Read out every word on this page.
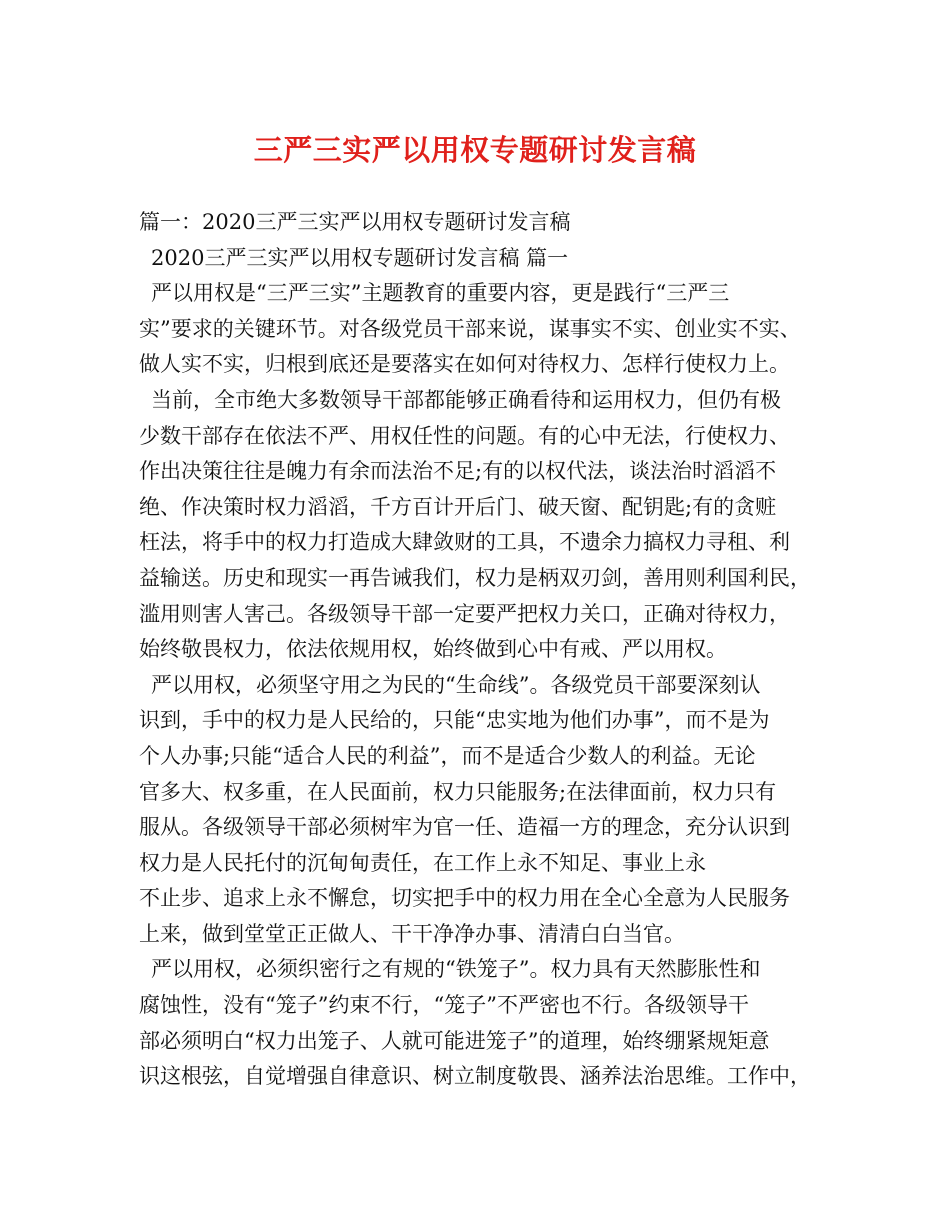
三严三实严以用权专题研讨发言稿
篇一：2020三严三实严以用权专题研讨发言稿
2020三严三实严以用权专题研讨发言稿 篇一
严以用权是“三严三实”主题教育的重要内容，更是践行“三严三
实”要求的关键环节。对各级党员干部来说，谋事实不实、创业实不实、
做人实不实，归根到底还是要落实在如何对待权力、怎样行使权力上。
当前，全市绝大多数领导干部都能够正确看待和运用权力，但仍有极
少数干部存在依法不严、用权任性的问题。有的心中无法，行使权力、
作出决策往往是魄力有余而法治不足;有的以权代法，谈法治时滔滔不
绝、作决策时权力滔滔，千方百计开后门、破天窗、配钥匙;有的贪赃
枉法，将手中的权力打造成大肆敛财的工具，不遗余力搞权力寻租、利
益输送。历史和现实一再告诫我们，权力是柄双刃剑，善用则利国利民，
滥用则害人害己。各级领导干部一定要严把权力关口，正确对待权力，
始终敬畏权力，依法依规用权，始终做到心中有戒、严以用权。
严以用权，必须坚守用之为民的“生命线”。各级党员干部要深刻认
识到，手中的权力是人民给的，只能“忠实地为他们办事”，而不是为
个人办事;只能“适合人民的利益”，而不是适合少数人的利益。无论
官多大、权多重，在人民面前，权力只能服务;在法律面前，权力只有
服从。各级领导干部必须树牢为官一任、造福一方的理念，充分认识到
权力是人民托付的沉甸甸责任，在工作上永不知足、事业上永
不止步、追求上永不懈怠，切实把手中的权力用在全心全意为人民服务
上来，做到堂堂正正做人、干干净净办事、清清白白当官。
严以用权，必须织密行之有规的“铁笼子”。权力具有天然膨胀性和
腐蚀性，没有“笼子”约束不行，“笼子”不严密也不行。各级领导干
部必须明白“权力出笼子、人就可能进笼子”的道理，始终绷紧规矩意
识这根弦，自觉增强自律意识、树立制度敬畏、涵养法治思维。工作中，
